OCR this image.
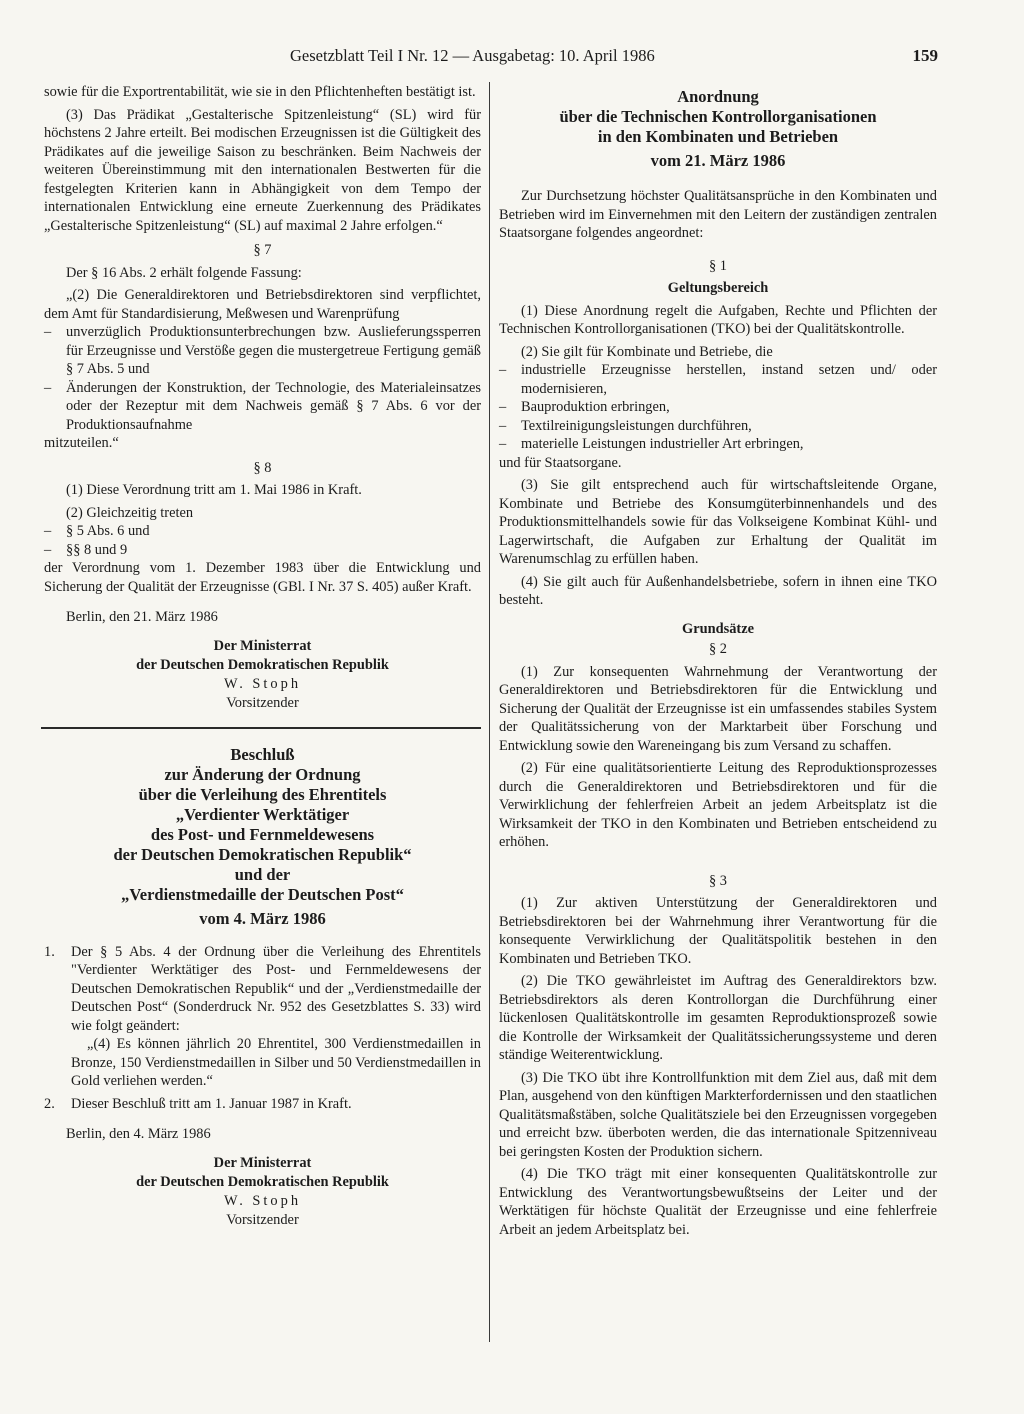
Gesetzblatt Teil I Nr. 12 — Ausgabetag: 10. April 1986	159

sowie für die Exportrentabilität, wie sie in den Pflichtenheften bestätigt ist.

(3) Das Prädikat „Gestalterische Spitzenleistung“ (SL) wird für höchstens 2 Jahre erteilt. Bei modischen Erzeugnissen ist die Gültigkeit des Prädikates auf die jeweilige Saison zu beschränken. Beim Nachweis der weiteren Übereinstimmung mit den internationalen Bestwerten für die festgelegten Kriterien kann in Abhängigkeit von dem Tempo der internationalen Entwicklung eine erneute Zuerkennung des Prädikates „Gestalterische Spitzenleistung“ (SL) auf maximal 2 Jahre erfolgen.“

§ 7

Der § 16 Abs. 2 erhält folgende Fassung:

„(2) Die Generaldirektoren und Betriebsdirektoren sind verpflichtet, dem Amt für Standardisierung, Meßwesen und Warenprüfung

–	unverzüglich Produktionsunterbrechungen bzw. Auslieferungssperren für Erzeugnisse und Verstöße gegen die mustergetreue Fertigung gemäß § 7 Abs. 5 und
–	Änderungen der Konstruktion, der Technologie, des Materialeinsatzes oder der Rezeptur mit dem Nachweis gemäß § 7 Abs. 6 vor der Produktionsaufnahme

mitzuteilen.“

§ 8

(1) Diese Verordnung tritt am 1. Mai 1986 in Kraft.

(2) Gleichzeitig treten

–	§ 5 Abs. 6 und
–	§§ 8 und 9

der Verordnung vom 1. Dezember 1983 über die Entwicklung und Sicherung der Qualität der Erzeugnisse (GBl. I Nr. 37 S. 405) außer Kraft.

Berlin, den 21. März 1986

Der Ministerrat
der Deutschen Demokratischen Republik
W. Stoph
Vorsitzender
Beschluß
zur Änderung der Ordnung
über die Verleihung des Ehrentitels
„Verdienter Werktätiger
des Post- und Fernmeldewesens
der Deutschen Demokratischen Republik“
und der
„Verdienstmedaille der Deutschen Post“
vom 4. März 1986
1.	Der § 5 Abs. 4 der Ordnung über die Verleihung des Ehrentitels "Verdienter Werktätiger des Post- und Fernmeldewesens der Deutschen Demokratischen Republik“ und der „Verdienstmedaille der Deutschen Post“ (Sonderdruck Nr. 952 des Gesetzblattes S. 33) wird wie folgt geändert:

„(4) Es können jährlich 20 Ehrentitel, 300 Verdienstmedaillen in Bronze, 150 Verdienstmedaillen in Silber und 50 Verdienstmedaillen in Gold verliehen werden.“

2.	Dieser Beschluß tritt am 1. Januar 1987 in Kraft.

Berlin, den 4. März 1986

Der Ministerrat
der Deutschen Demokratischen Republik
W. Stoph
Vorsitzender
Anordnung
über die Technischen Kontrollorganisationen
in den Kombinaten und Betrieben
vom 21. März 1986

Zur Durchsetzung höchster Qualitätsansprüche in den Kombinaten und Betrieben wird im Einvernehmen mit den Leitern der zuständigen zentralen Staatsorgane folgendes angeordnet:

§ 1

Geltungsbereich

(1) Diese Anordnung regelt die Aufgaben, Rechte und Pflichten der Technischen Kontrollorganisationen (TKO) bei der Qualitätskontrolle.

(2) Sie gilt für Kombinate und Betriebe, die

–	industrielle Erzeugnisse herstellen, instand setzen und/ oder modernisieren,
–	Bauproduktion erbringen,
–	Textilreinigungsleistungen durchführen,
–	materielle Leistungen industrieller Art erbringen,

und für Staatsorgane.

(3) Sie gilt entsprechend auch für wirtschaftsleitende Organe, Kombinate und Betriebe des Konsumgüterbinnenhandels und des Produktionsmittelhandels sowie für das Volkseigene Kombinat Kühl- und Lagerwirtschaft, die Aufgaben zur Erhaltung der Qualität im Warenumschlag zu erfüllen haben.

(4) Sie gilt auch für Außenhandelsbetriebe, sofern in ihnen eine TKO besteht.

Grundsätze

§ 2

(1) Zur konsequenten Wahrnehmung der Verantwortung der Generaldirektoren und Betriebsdirektoren für die Entwicklung und Sicherung der Qualität der Erzeugnisse ist ein umfassendes stabiles System der Qualitätssicherung von der Marktarbeit über Forschung und Entwicklung sowie den Wareneingang bis zum Versand zu schaffen.

(2) Für eine qualitätsorientierte Leitung des Reproduktionsprozesses durch die Generaldirektoren und Betriebsdirektoren und für die Verwirklichung der fehlerfreien Arbeit an jedem Arbeitsplatz ist die Wirksamkeit der TKO in den Kombinaten und Betrieben entscheidend zu erhöhen.

§ 3

(1) Zur aktiven Unterstützung der Generaldirektoren und Betriebsdirektoren bei der Wahrnehmung ihrer Verantwortung für die konsequente Verwirklichung der Qualitätspolitik bestehen in den Kombinaten und Betrieben TKO.

(2) Die TKO gewährleistet im Auftrag des Generaldirektors bzw. Betriebsdirektors als deren Kontrollorgan die Durchführung einer lückenlosen Qualitätskontrolle im gesamten Reproduktionsprozeß sowie die Kontrolle der Wirksamkeit der Qualitätssicherungssysteme und deren ständige Weiterentwicklung.

(3) Die TKO übt ihre Kontrollfunktion mit dem Ziel aus, daß mit dem Plan, ausgehend von den künftigen Markterfordernissen und den staatlichen Qualitätsmaßstäben, solche Qualitätsziele bei den Erzeugnissen vorgegeben und erreicht bzw. überboten werden, die das internationale Spitzenniveau bei geringsten Kosten der Produktion sichern.

(4) Die TKO trägt mit einer konsequenten Qualitätskontrolle zur Entwicklung des Verantwortungsbewußtseins der Leiter und der Werktätigen für höchste Qualität der Erzeugnisse und eine fehlerfreie Arbeit an jedem Arbeitsplatz bei.
